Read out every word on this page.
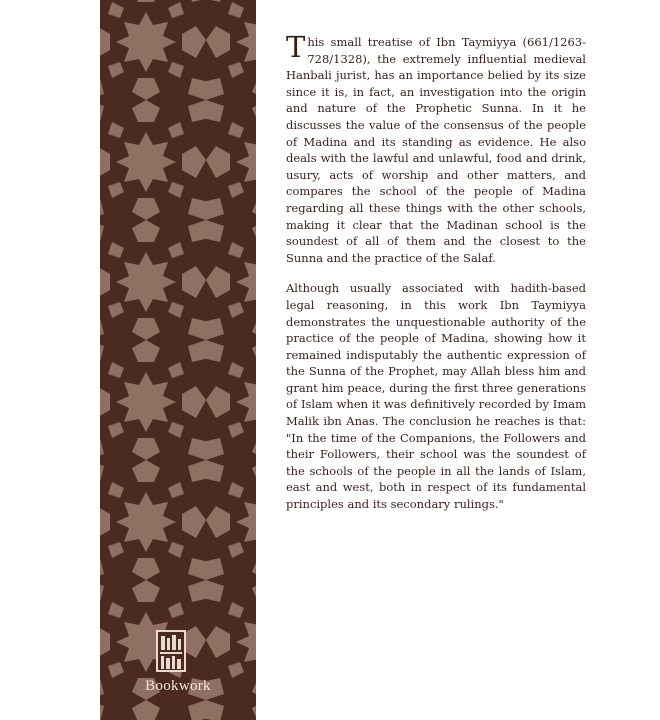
Bookwork

This small treatise of Ibn Taymiyya (661/1263-728/1328), the extremely influential medieval Hanbali jurist, has an importance belied by its size since it is, in fact, an investigation into the origin and nature of the Prophetic Sunna. In it he discusses the value of the consensus of the people of Madina and its standing as evidence. He also deals with the lawful and unlawful, food and drink, usury, acts of worship and other matters, and compares the school of the people of Madina regarding all these things with the other schools, making it clear that the Madinan school is the soundest of all of them and the closest to the Sunna and the practice of the Salaf.

Although usually associated with hadith-based legal reasoning, in this work Ibn Taymiyya demonstrates the unquestionable authority of the practice of the people of Madina, showing how it remained indisputably the authentic expression of the Sunna of the Prophet, may Allah bless him and grant him peace, during the first three generations of Islam when it was definitively recorded by Imam Malik ibn Anas. The conclusion he reaches is that: "In the time of the Companions, the Followers and their Followers, their school was the soundest of the schools of the people in all the lands of Islam, east and west, both in respect of its fundamental principles and its secondary rulings."
